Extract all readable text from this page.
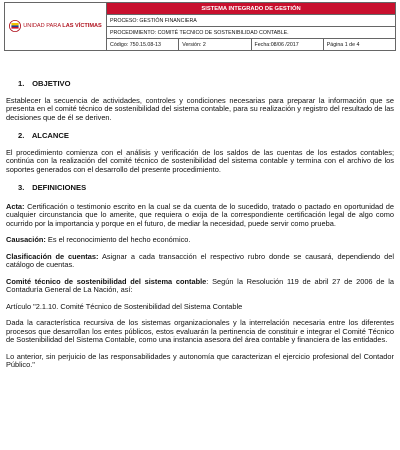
UNIDAD PARA LAS VÍCTIMAS	SISTEMA INTEGRADO DE GESTIÓN			
	PROCESO: GESTIÓN FINANCIERA			
	PROCEDIMIENTO: COMITÉ TECNICO DE SOSTENIBILIDAD CONTABLE.			
	Código: 750.15.08-13	Versión: 2	Fecha:08/06 /2017	Página 1 de 4

1. OBJETIVO

Establecer la secuencia de actividades, controles y condiciones necesarias para preparar la información que se presenta en el comité técnico de sostenibilidad del sistema contable, para su realización y registro del resultado de las decisiones que de él se deriven.

2. ALCANCE

El procedimiento comienza con el análisis y verificación de los saldos de las cuentas de los estados contables; continúa con la realización del comité técnico de sostenibilidad del sistema contable y termina con el archivo de los soportes generados con el desarrollo del presente procedimiento.

3. DEFINICIONES

Acta: Certificación o testimonio escrito en la cual se da cuenta de lo sucedido, tratado o pactado en oportunidad de cualquier circunstancia que lo amerite, que requiera o exija de la correspondiente certificación legal de algo como ocurrido por la importancia y porque en el futuro, de mediar la necesidad, puede servir como prueba.

Causación: Es el reconocimiento del hecho económico.

Clasificación de cuentas: Asignar a cada transacción el respectivo rubro donde se causará, dependiendo del catálogo de cuentas.

Comité técnico de sostenibilidad del sistema contable: Según la Resolución 119 de abril 27 de 2006 de la Contaduría General de La Nación, así:

Artículo "2.1.10. Comité Técnico de Sostenibilidad del Sistema Contable

Dada la característica recursiva de los sistemas organizacionales y la interrelación necesaria entre los diferentes procesos que desarrollan los entes públicos, estos evaluarán la pertinencia de constituir e integrar el Comité Técnico de Sostenibilidad del Sistema Contable, como una instancia asesora del área contable y financiera de las entidades.

Lo anterior, sin perjuicio de las responsabilidades y autonomía que caracterizan el ejercicio profesional del Contador Público."
